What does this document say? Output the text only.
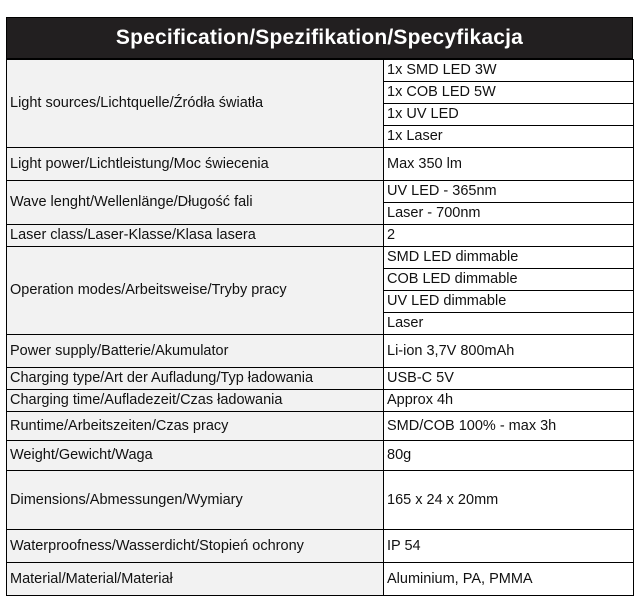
Specification/Spezifikation/Specyfikacja
Light sources/Lichtquelle/Źródła światła	1x SMD LED 3W
	1x COB LED 5W
	1x UV LED
	1x Laser
Light power/Lichtleistung/Moc świecenia	Max 350 lm
Wave lenght/Wellenlänge/Długość fali	UV LED - 365nm
	Laser - 700nm
Laser class/Laser-Klasse/Klasa lasera	2
Operation modes/Arbeitsweise/Tryby pracy	SMD LED dimmable
	COB LED dimmable
	UV LED dimmable
	Laser
Power supply/Batterie/Akumulator	Li-ion 3,7V 800mAh
Charging type/Art der Aufladung/Typ ładowania	USB-C 5V
Charging time/Aufladezeit/Czas ładowania	Approx 4h
Runtime/Arbeitszeiten/Czas pracy	SMD/COB 100% - max 3h
Weight/Gewicht/Waga	80g
Dimensions/Abmessungen/Wymiary	165 x 24 x 20mm
Waterproofness/Wasserdicht/Stopień ochrony	IP 54
Material/Material/Materiał	Aluminium, PA, PMMA
